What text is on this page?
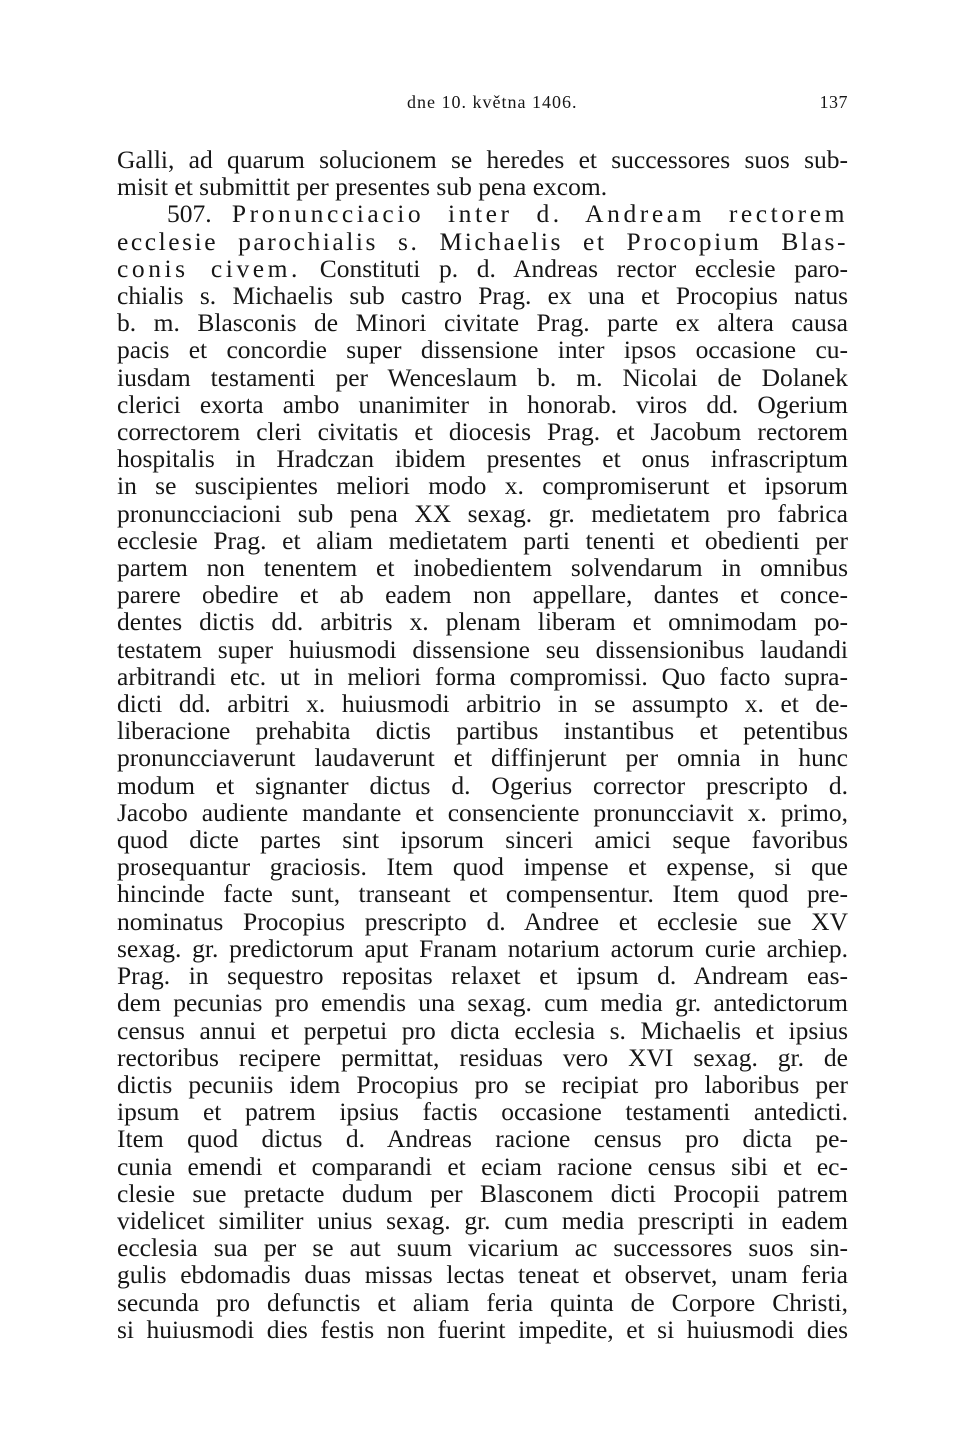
dne 10. května 1406.	137
Galli, ad quarum solucionem se heredes et successores suos sub-
misit et submittit per presentes sub pena excom.
507. Pronuncciacio inter d. Andream rectorem
ecclesie parochialis s. Michaelis et Procopium Blas-
conis civem. Constituti p. d. Andreas rector ecclesie paro-
chialis s. Michaelis sub castro Prag. ex una et Procopius natus
b. m. Blasconis de Minori civitate Prag. parte ex altera causa
pacis et concordie super dissensione inter ipsos occasione cu-
iusdam testamenti per Wenceslaum b. m. Nicolai de Dolanek
clerici exorta ambo unanimiter in honorab. viros dd. Ogerium
correctorem cleri civitatis et diocesis Prag. et Jacobum rectorem
hospitalis in Hradczan ibidem presentes et onus infrascriptum
in se suscipientes meliori modo x. compromiserunt et ipsorum
pronuncciacioni sub pena XX sexag. gr. medietatem pro fabrica
ecclesie Prag. et aliam medietatem parti tenenti et obedienti per
partem non tenentem et inobedientem solvendarum in omnibus
parere obedire et ab eadem non appellare, dantes et conce-
dentes dictis dd. arbitris x. plenam liberam et omnimodam po-
testatem super huiusmodi dissensione seu dissensionibus laudandi
arbitrandi etc. ut in meliori forma compromissi. Quo facto supra-
dicti dd. arbitri x. huiusmodi arbitrio in se assumpto x. et de-
liberacione prehabita dictis partibus instantibus et petentibus
pronuncciaverunt laudaverunt et diffinjerunt per omnia in hunc
modum et signanter dictus d. Ogerius corrector prescripto d.
Jacobo audiente mandante et consenciente pronuncciavit x. primo,
quod dicte partes sint ipsorum sinceri amici seque favoribus
prosequantur graciosis. Item quod impense et expense, si que
hincinde facte sunt, transeant et compensentur. Item quod pre-
nominatus Procopius prescripto d. Andree et ecclesie sue XV
sexag. gr. predictorum aput Franam notarium actorum curie archiep.
Prag. in sequestro repositas relaxet et ipsum d. Andream eas-
dem pecunias pro emendis una sexag. cum media gr. antedictorum
census annui et perpetui pro dicta ecclesia s. Michaelis et ipsius
rectoribus recipere permittat, residuas vero XVI sexag. gr. de
dictis pecuniis idem Procopius pro se recipiat pro laboribus per
ipsum et patrem ipsius factis occasione testamenti antedicti.
Item quod dictus d. Andreas racione census pro dicta pe-
cunia emendi et comparandi et eciam racione census sibi et ec-
clesie sue pretacte dudum per Blasconem dicti Procopii patrem
videlicet similiter unius sexag. gr. cum media prescripti in eadem
ecclesia sua per se aut suum vicarium ac successores suos sin-
gulis ebdomadis duas missas lectas teneat et observet, unam feria
secunda pro defunctis et aliam feria quinta de Corpore Christi,
si huiusmodi dies festis non fuerint impedite, et si huiusmodi dies
